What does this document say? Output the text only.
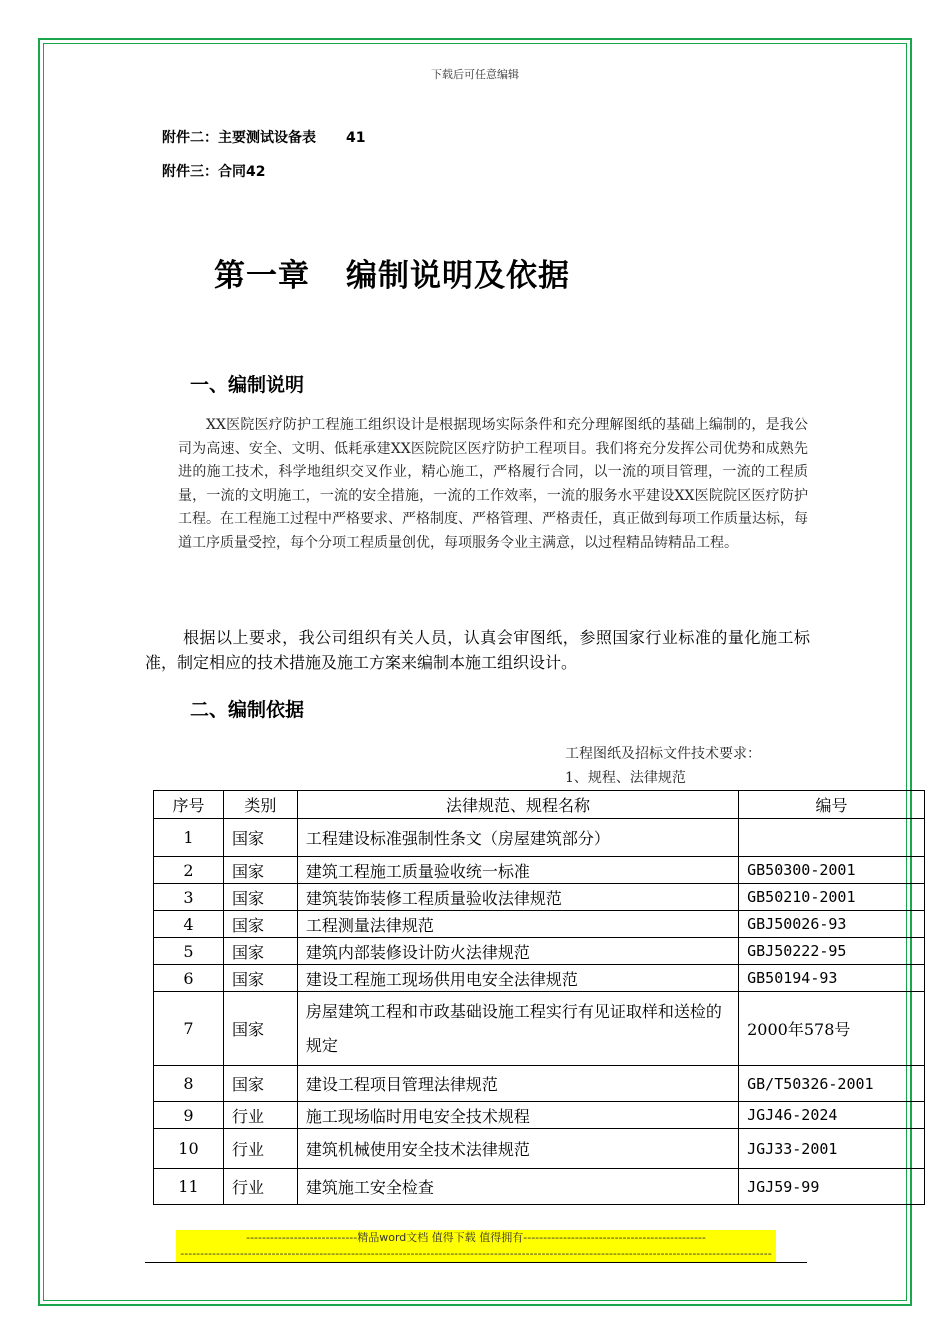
下载后可任意编辑
附件二：主要测试设备表 41
附件三：合同42
第一章 编制说明及依据
一、编制说明

XX医院医疗防护工程施工组织设计是根据现场实际条件和充分理解图纸的基础上编制的，是我公司为高速、安全、文明、低耗承建XX医院院区医疗防护工程项目。我们将充分发挥公司优势和成熟先进的施工技术，科学地组织交叉作业，精心施工，严格履行合同，以一流的项目管理，一流的工程质量，一流的文明施工，一流的安全措施，一流的工作效率，一流的服务水平建设XX医院院区医疗防护工程。在工程施工过程中严格要求、严格制度、严格管理、严格责任，真正做到每项工作质量达标，每道工序质量受控，每个分项工程质量创优，每项服务令业主满意，以过程精品铸精品工程。

根据以上要求，我公司组织有关人员，认真会审图纸，参照国家行业标准的量化施工标准，制定相应的技术措施及施工方案来编制本施工组织设计。

二、编制依据
工程图纸及招标文件技术要求：
1、规程、法律规范
序号	类别	法律规范、规程名称	编号
1	国家	工程建设标准强制性条文（房屋建筑部分）	
2	国家	建筑工程施工质量验收统一标准	GB50300-2001
3	国家	建筑装饰装修工程质量验收法律规范	GB50210-2001
4	国家	工程测量法律规范	GBJ50026-93
5	国家	建筑内部装修设计防火法律规范	GBJ50222-95
6	国家	建设工程施工现场供用电安全法律规范	GB50194-93
7	国家	房屋建筑工程和市政基础设施工程实行有见证取样和送检的规定	2000年578号
8	国家	建设工程项目管理法律规范	GB/T50326-2001
9	行业	施工现场临时用电安全技术规程	JGJ46-2024
10	行业	建筑机械使用安全技术法律规范	JGJ33-2001
11	行业	建筑施工安全检查	JGJ59-99
----------------------------精品word文档 值得下载 值得拥有----------------------------------------------
-----------------------------------------------------------------------------------------------------------------------------------------------------
